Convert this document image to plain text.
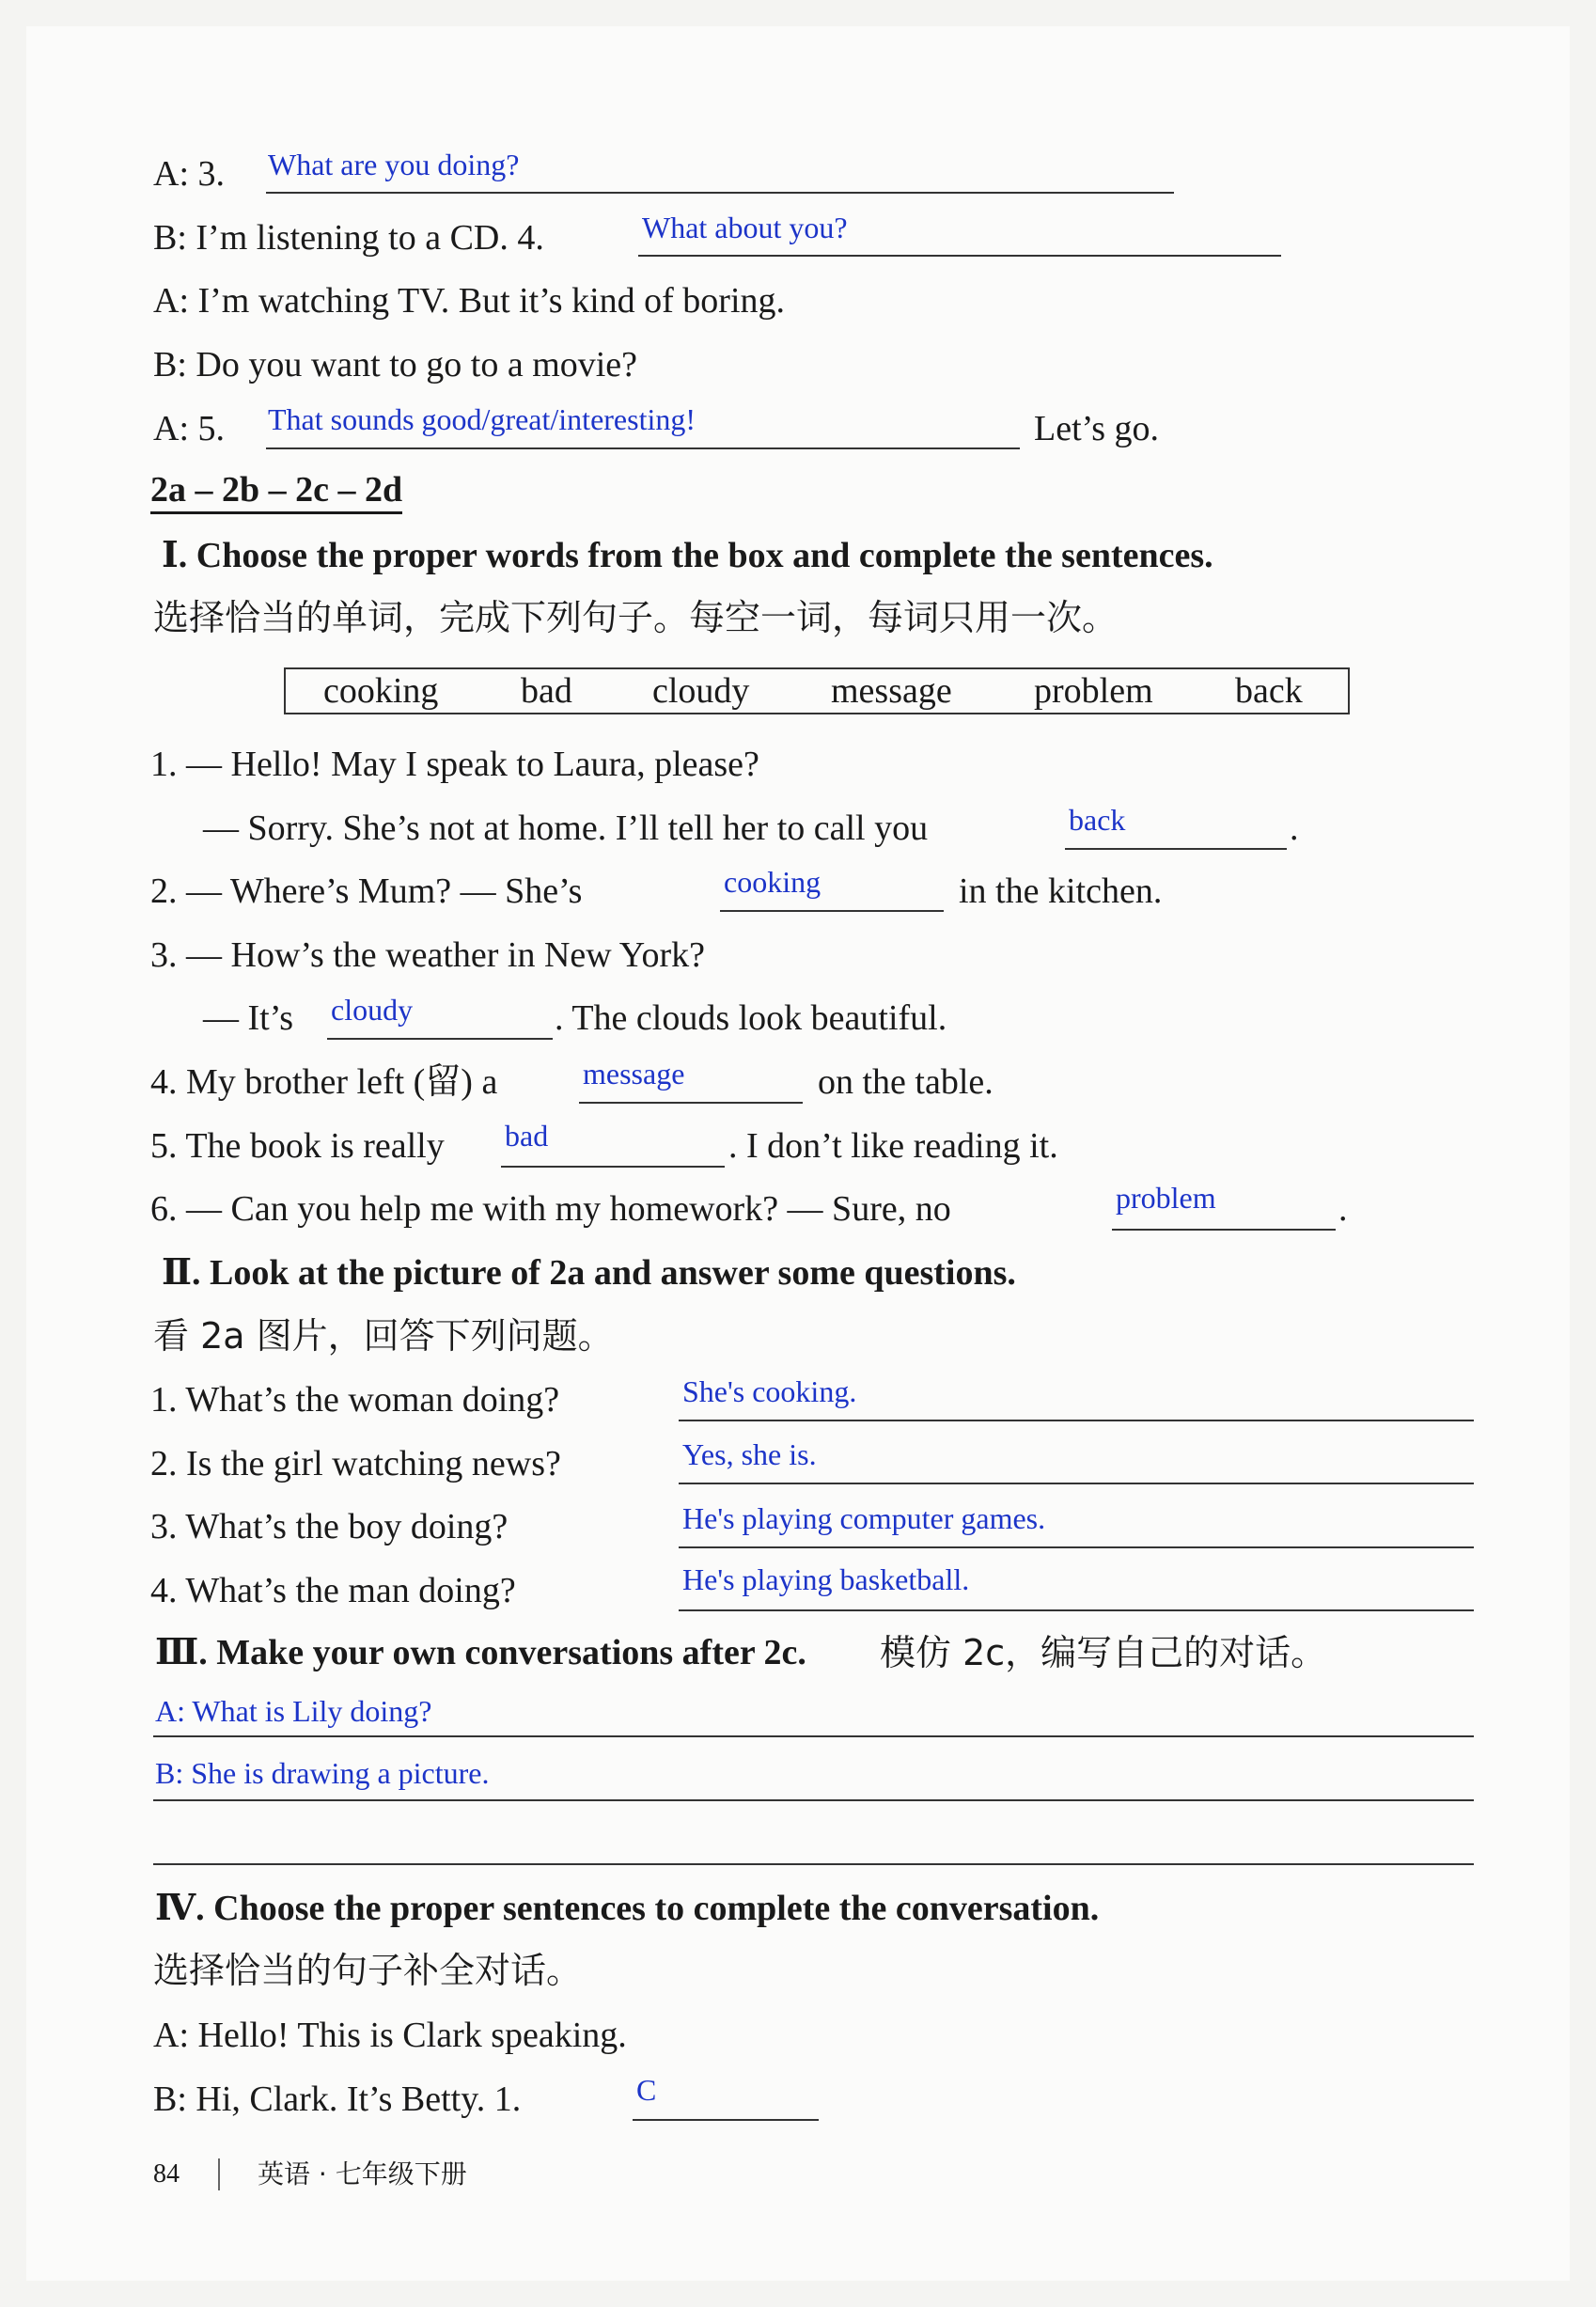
A: 3. What are you doing?
B: I’m listening to a CD. 4.	What about you?
A: I’m watching TV. But it’s kind of boring.
B: Do you want to go to a movie?
A: 5. That sounds good/great/interesting!	Let’s go.
2a – 2b – 2c – 2d
Ⅰ. Choose the proper words from the box and complete the sentences.
选择恰当的单词，完成下列句子。每空一词，每词只用一次。
cooking bad cloudy message problem back
1. — Hello! May I speak to Laura, please?
— Sorry. She’s not at home. I’ll tell her to call you	back	.
2. — Where’s Mum? — She’s	cooking	in the kitchen.
3. — How’s the weather in New York?
— It’s cloudy	. The clouds look beautiful.
4. My brother left (留) a	message	on the table.
5. The book is really bad	. I don’t like reading it.
6. — Can you help me with my homework? — Sure, no	problem	.
Ⅱ. Look at the picture of 2a and answer some questions.
看 2a 图片，回答下列问题。
1. What’s the woman doing?	She's cooking.
2. Is the girl watching news?	Yes, she is.
3. What’s the boy doing?	He's playing computer games.
4. What’s the man doing?	He's playing basketball.
Ⅲ. Make your own conversations after 2c. 模仿 2c，编写自己的对话。
A: What is Lily doing?
B: She is drawing a picture.
Ⅳ. Choose the proper sentences to complete the conversation.
选择恰当的句子补全对话。
A: Hello! This is Clark speaking.
B: Hi, Clark. It’s Betty. 1.	C
84	英语 · 七年级下册
